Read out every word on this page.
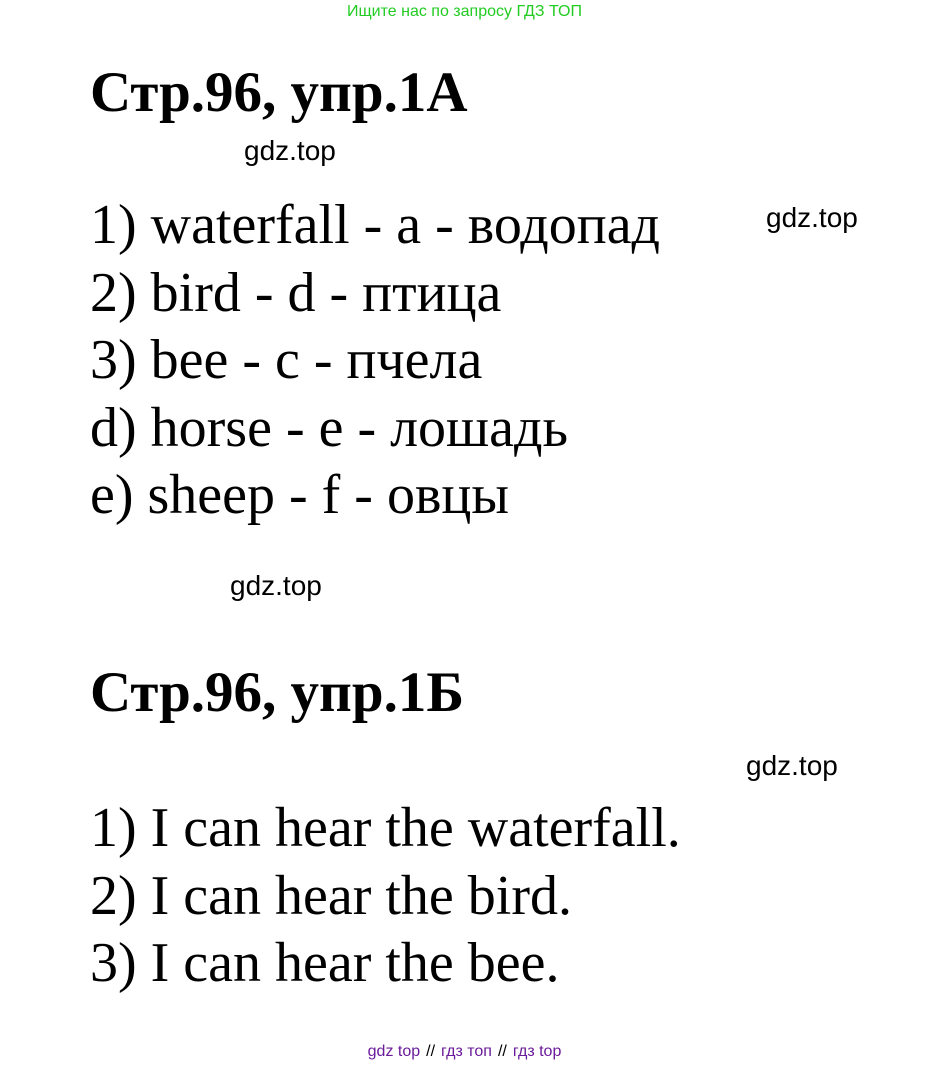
Ищите нас по запросу ГДЗ ТОП
Стр.96, упр.1А
gdz.top
gdz.top
1) waterfall - a - водопад
2) bird - d - птица
3) bee - c - пчела
d) horse - e - лошадь
e) sheep - f - овцы
gdz.top
Стр.96, упр.1Б
gdz.top
1) I can hear the waterfall.
2) I can hear the bird.
3) I can hear the bee.
gdz top // гдз топ // гдз top
